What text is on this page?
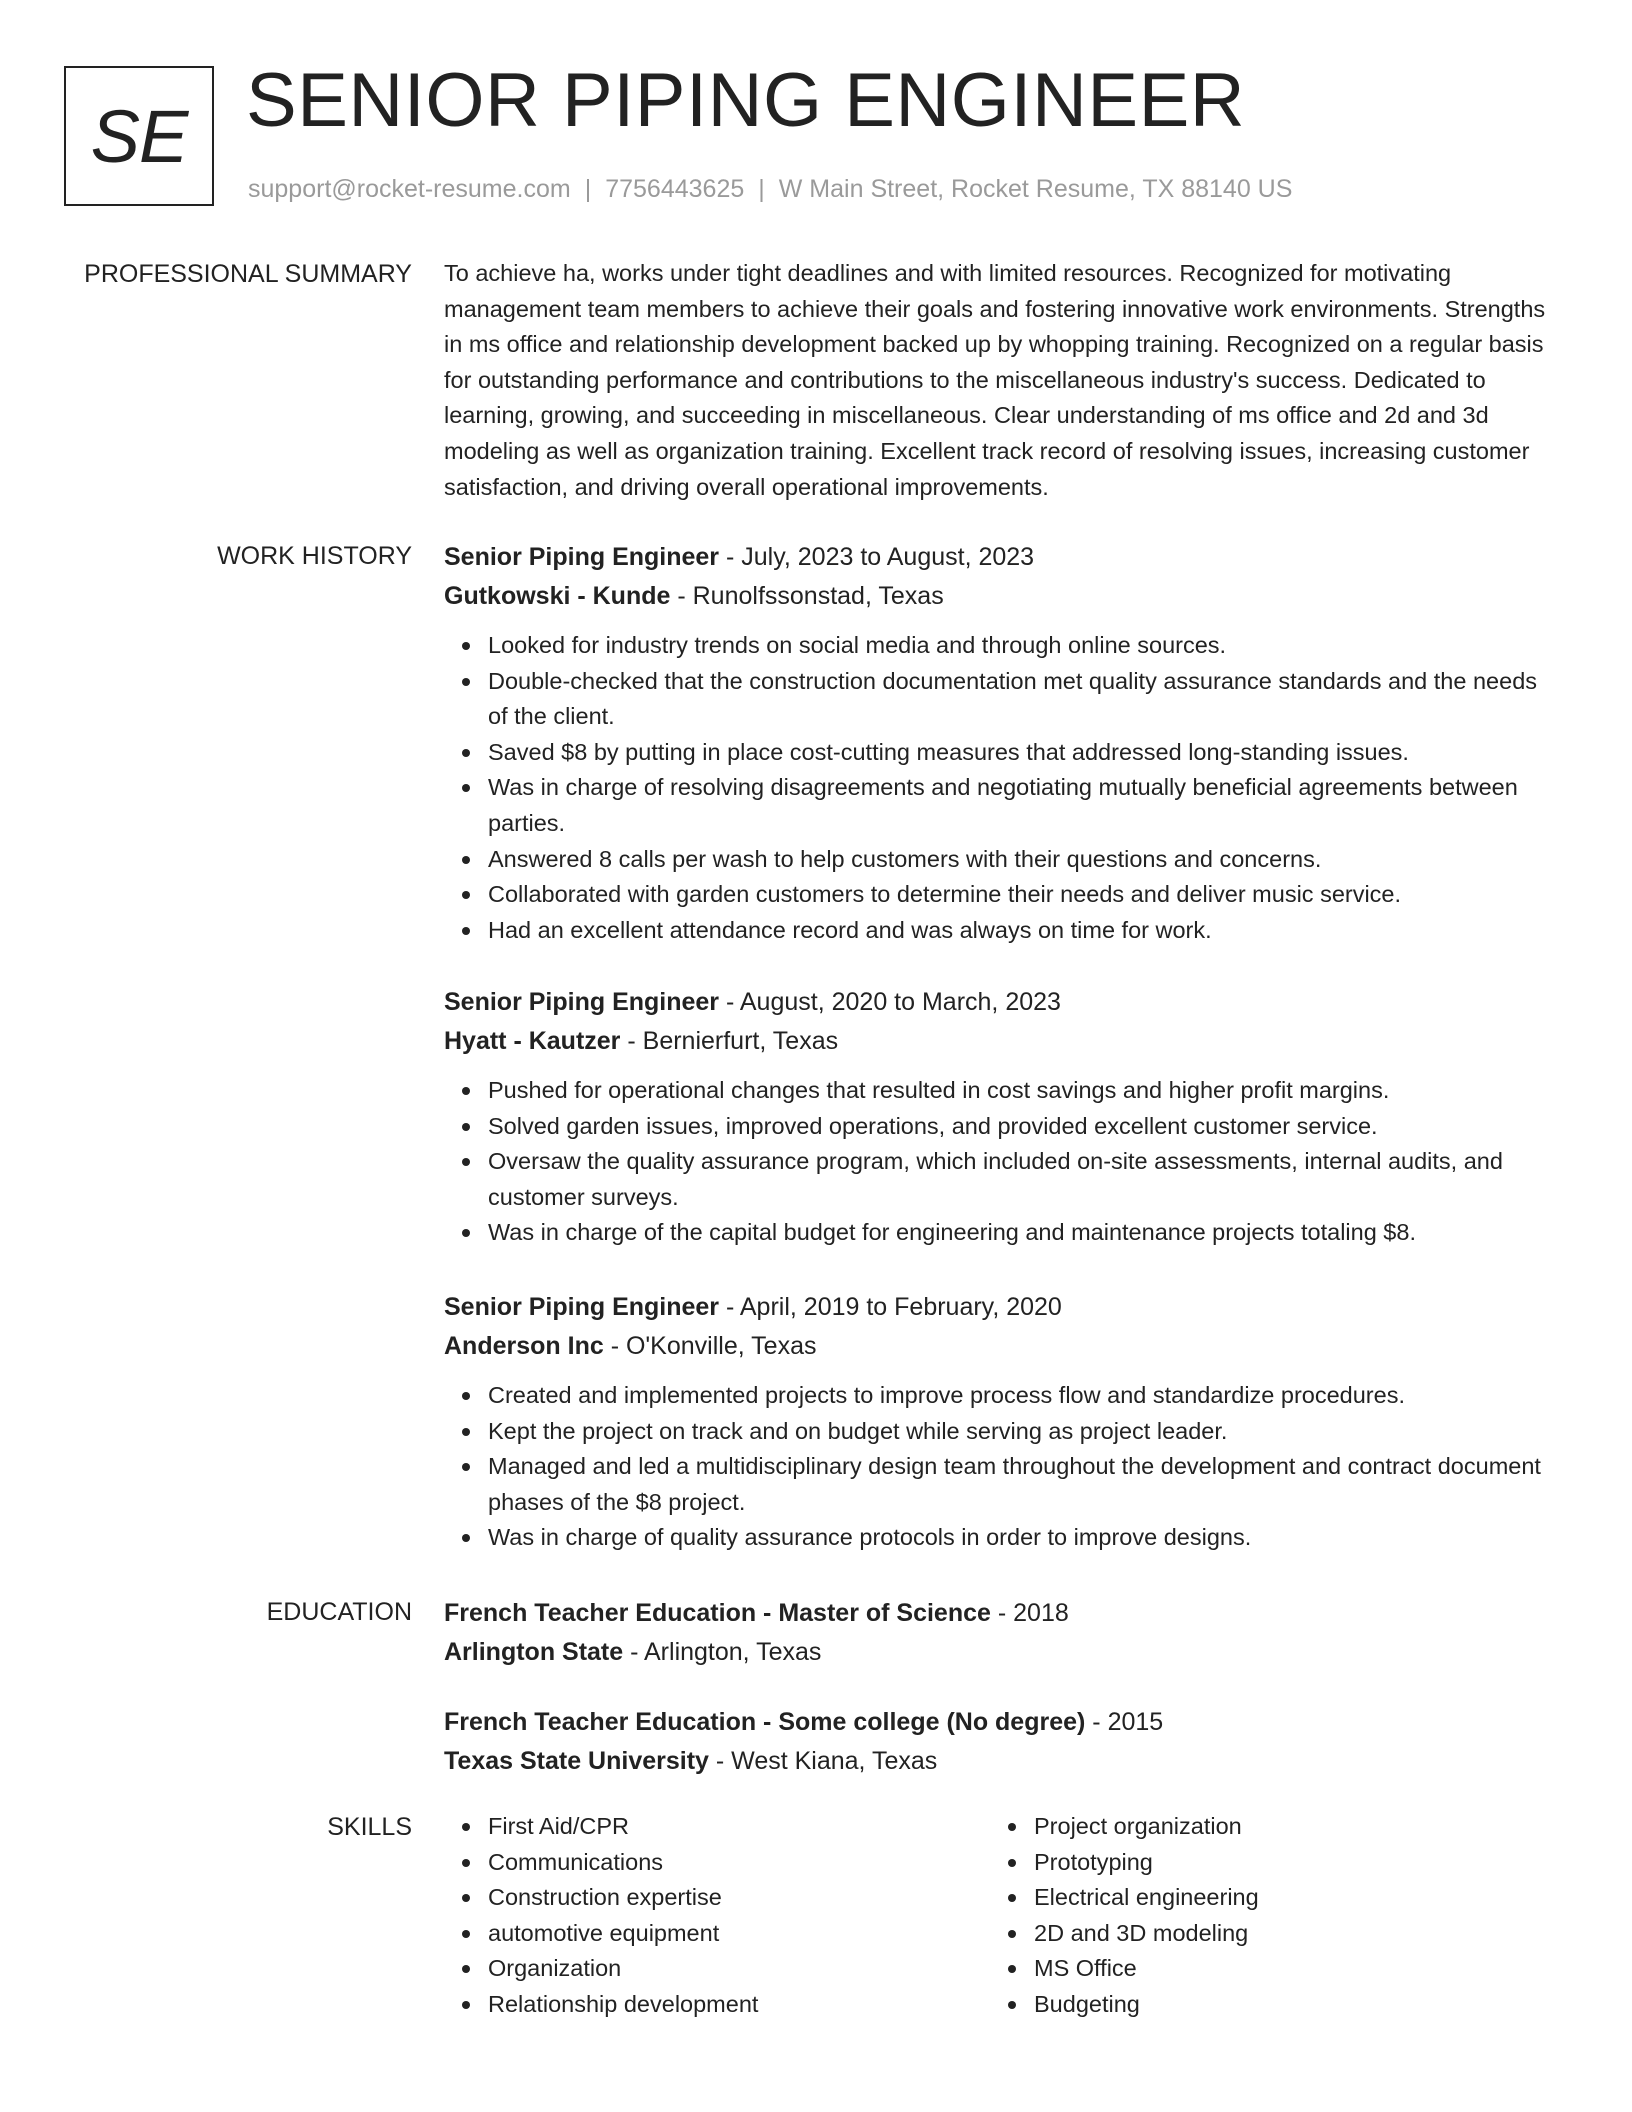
SE SENIOR PIPING ENGINEER
support@rocket-resume.com | 7756443625 | W Main Street, Rocket Resume, TX 88140 US
PROFESSIONAL SUMMARY To achieve ha, works under tight deadlines and with limited resources. Recognized for motivating management team members to achieve their goals and fostering innovative work environments. Strengths in ms office and relationship development backed up by whopping training. Recognized on a regular basis for outstanding performance and contributions to the miscellaneous industry's success. Dedicated to learning, growing, and succeeding in miscellaneous. Clear understanding of ms office and 2d and 3d modeling as well as organization training. Excellent track record of resolving issues, increasing customer satisfaction, and driving overall operational improvements.

WORK HISTORY Senior Piping Engineer - July, 2023 to August, 2023
Gutkowski - Kunde - Runolfssonstad, Texas
Looked for industry trends on social media and through online sources.
Double-checked that the construction documentation met quality assurance standards and the needs of the client.
Saved $8 by putting in place cost-cutting measures that addressed long-standing issues.
Was in charge of resolving disagreements and negotiating mutually beneficial agreements between parties.
Answered 8 calls per wash to help customers with their questions and concerns.
Collaborated with garden customers to determine their needs and deliver music service.
Had an excellent attendance record and was always on time for work.
Senior Piping Engineer - August, 2020 to March, 2023
Hyatt - Kautzer - Bernierfurt, Texas
Pushed for operational changes that resulted in cost savings and higher profit margins.
Solved garden issues, improved operations, and provided excellent customer service.
Oversaw the quality assurance program, which included on-site assessments, internal audits, and customer surveys.
Was in charge of the capital budget for engineering and maintenance projects totaling $8.
Senior Piping Engineer - April, 2019 to February, 2020
Anderson Inc - O'Konville, Texas
Created and implemented projects to improve process flow and standardize procedures.
Kept the project on track and on budget while serving as project leader.
Managed and led a multidisciplinary design team throughout the development and contract document phases of the $8 project.
Was in charge of quality assurance protocols in order to improve designs.
EDUCATION French Teacher Education - Master of Science - 2018
Arlington State - Arlington, Texas
French Teacher Education - Some college (No degree) - 2015
Texas State University - West Kiana, Texas
SKILLS	First Aid/CPR
Communications
Construction expertise
automotive equipment
Organization
Relationship development
Project organization
Prototyping
Electrical engineering
2D and 3D modeling
MS Office
Budgeting
